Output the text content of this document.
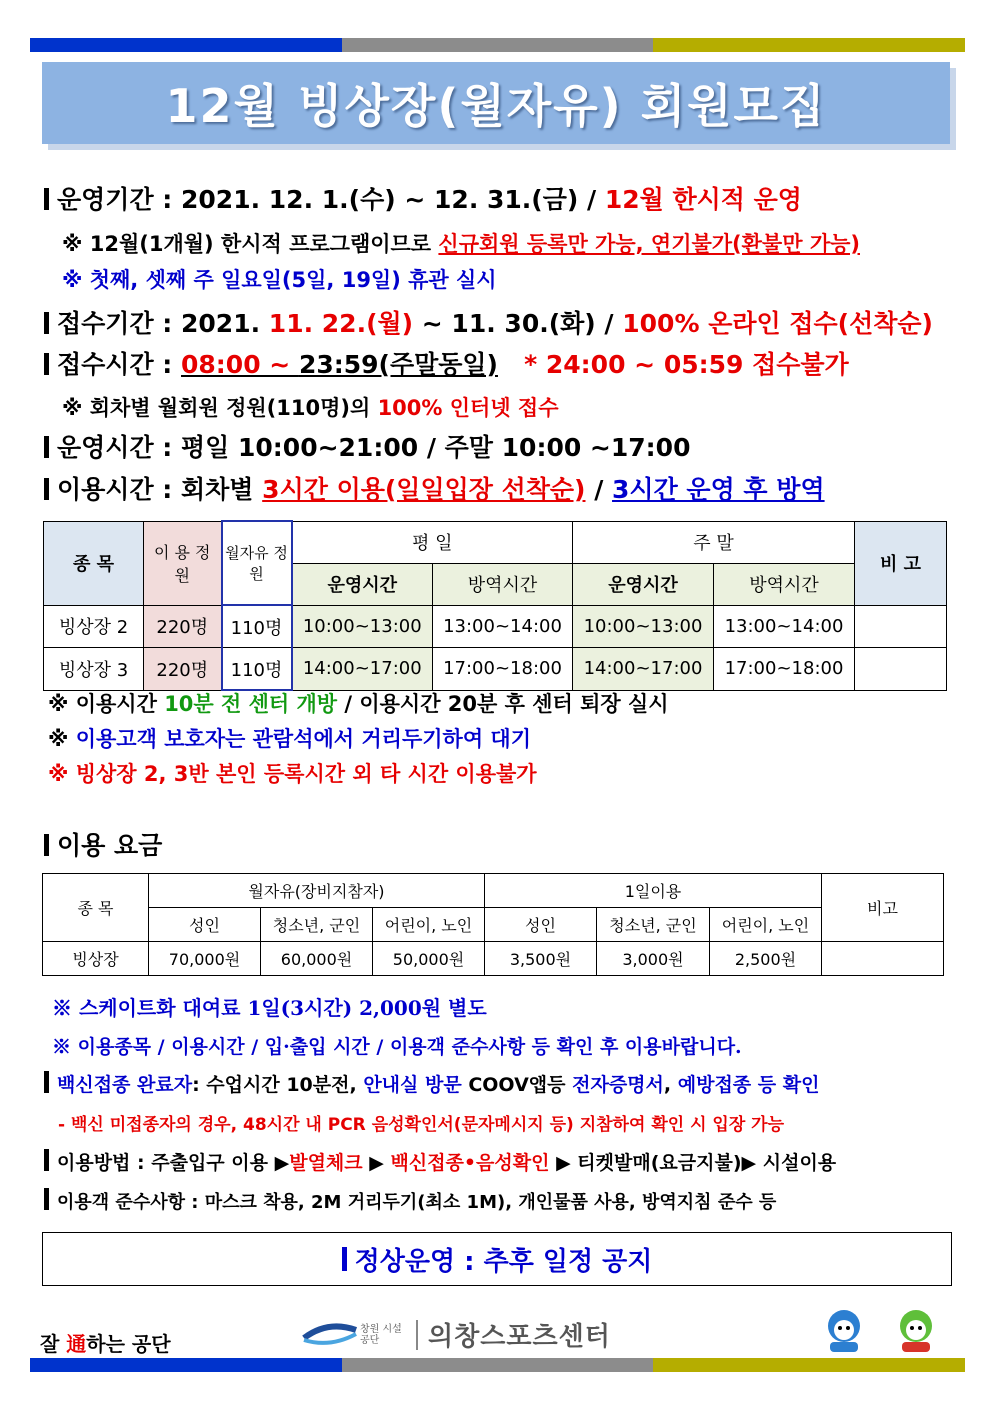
12월 빙상장(월자유) 회원모집
운영기간 : 2021. 12. 1.(수) ~ 12. 31.(금) / 12월 한시적 운영
※ 12월(1개월) 한시적 프로그램이므로 신규회원 등록만 가능, 연기불가(환불만 가능)
※ 첫째, 셋째 주 일요일(5일, 19일) 휴관 실시
접수기간 : 2021. 11. 22.(월) ~ 11. 30.(화) / 100% 온라인 접수(선착순)
접수시간 : 08:00 ~ 23:59(주말동일) * 24:00 ~ 05:59 접수불가
※ 회차별 월회원 정원(110명)의 100% 인터넷 접수
운영시간 : 평일 10:00~21:00 / 주말 10:00 ~17:00
이용시간 : 회차별 3시간 이용(일일입장 선착순) / 3시간 운영 후 방역
종 목	이 용 정 원	월자유 정원	평 일		주 말		비 고
			운영시간	방역시간	운영시간	방역시간	
빙상장 2	220명	110명	10:00~13:00	13:00~14:00	10:00~13:00	13:00~14:00	
빙상장 3	220명	110명	14:00~17:00	17:00~18:00	14:00~17:00	17:00~18:00	
※ 이용시간 10분 전 센터 개방 / 이용시간 20분 후 센터 퇴장 실시
※ 이용고객 보호자는 관람석에서 거리두기하여 대기
※ 빙상장 2, 3반 본인 등록시간 외 타 시간 이용불가
이용 요금
종 목	월자유(장비지참자)			1일이용			비고
	성인	청소년, 군인	어린이, 노인	성인	청소년, 군인	어린이, 노인	
빙상장	70,000원	60,000원	50,000원	3,500원	3,000원	2,500원	
※ 스케이트화 대여료 1일(3시간) 2,000원 별도
※ 이용종목 / 이용시간 / 입·출입 시간 / 이용객 준수사항 등 확인 후 이용바랍니다.
백신접종 완료자: 수업시간 10분전, 안내실 방문 COOV앱등 전자증명서, 예방접종 등 확인
- 백신 미접종자의 경우, 48시간 내 PCR 음성확인서(문자메시지 등) 지참하여 확인 시 입장 가능
이용방법 : 주출입구 이용 ▶발열체크 ▶ 백신접종•음성확인 ▶ 티켓발매(요금지불)▶ 시설이용
이용객 준수사항 : 마스크 착용, 2M 거리두기(최소 1M), 개인물품 사용, 방역지침 준수 등
정상운영 : 추후 일정 공지
잘 通하는 공단
창원 시설공단	의창스포츠센터
